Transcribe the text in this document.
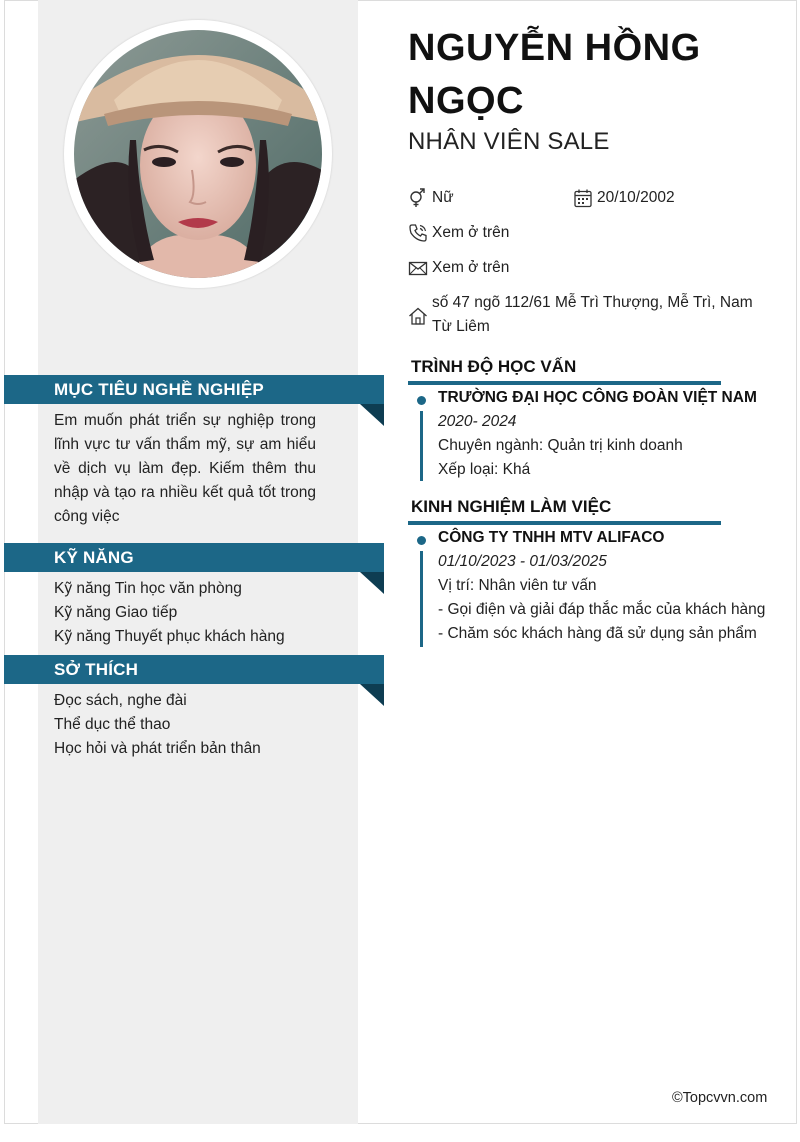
MỤC TIÊU NGHỀ NGHIỆP
Em muốn phát triển sự nghiệp trong lĩnh vực tư vấn thẩm mỹ, sự am hiểu về dịch vụ làm đẹp. Kiếm thêm thu nhập và tạo ra nhiều kết quả tốt trong công việc
KỸ NĂNG
Kỹ năng Tin học văn phòng
Kỹ năng Giao tiếp
Kỹ năng Thuyết phục khách hàng
SỞ THÍCH
Đọc sách, nghe đài
Thể dục thể thao
Học hỏi và phát triển bản thân
NGUYỄN HỒNG
NGỌC
NHÂN VIÊN SALE
Nữ	20/10/2002
Xem ở trên
Xem ở trên
số 47 ngõ 112/61 Mễ Trì Thượng, Mễ Trì, Nam
Từ Liêm
TRÌNH ĐỘ HỌC VẤN
TRƯỜNG ĐẠI HỌC CÔNG ĐOÀN VIỆT NAM
2020- 2024
Chuyên ngành: Quản trị kinh doanh
Xếp loại: Khá
KINH NGHIỆM LÀM VIỆC
CÔNG TY TNHH MTV ALIFACO
01/10/2023 - 01/03/2025
Vị trí: Nhân viên tư vấn
- Gọi điện và giải đáp thắc mắc của khách hàng
- Chăm sóc khách hàng đã sử dụng sản phẩm
©Topcvvn.com
